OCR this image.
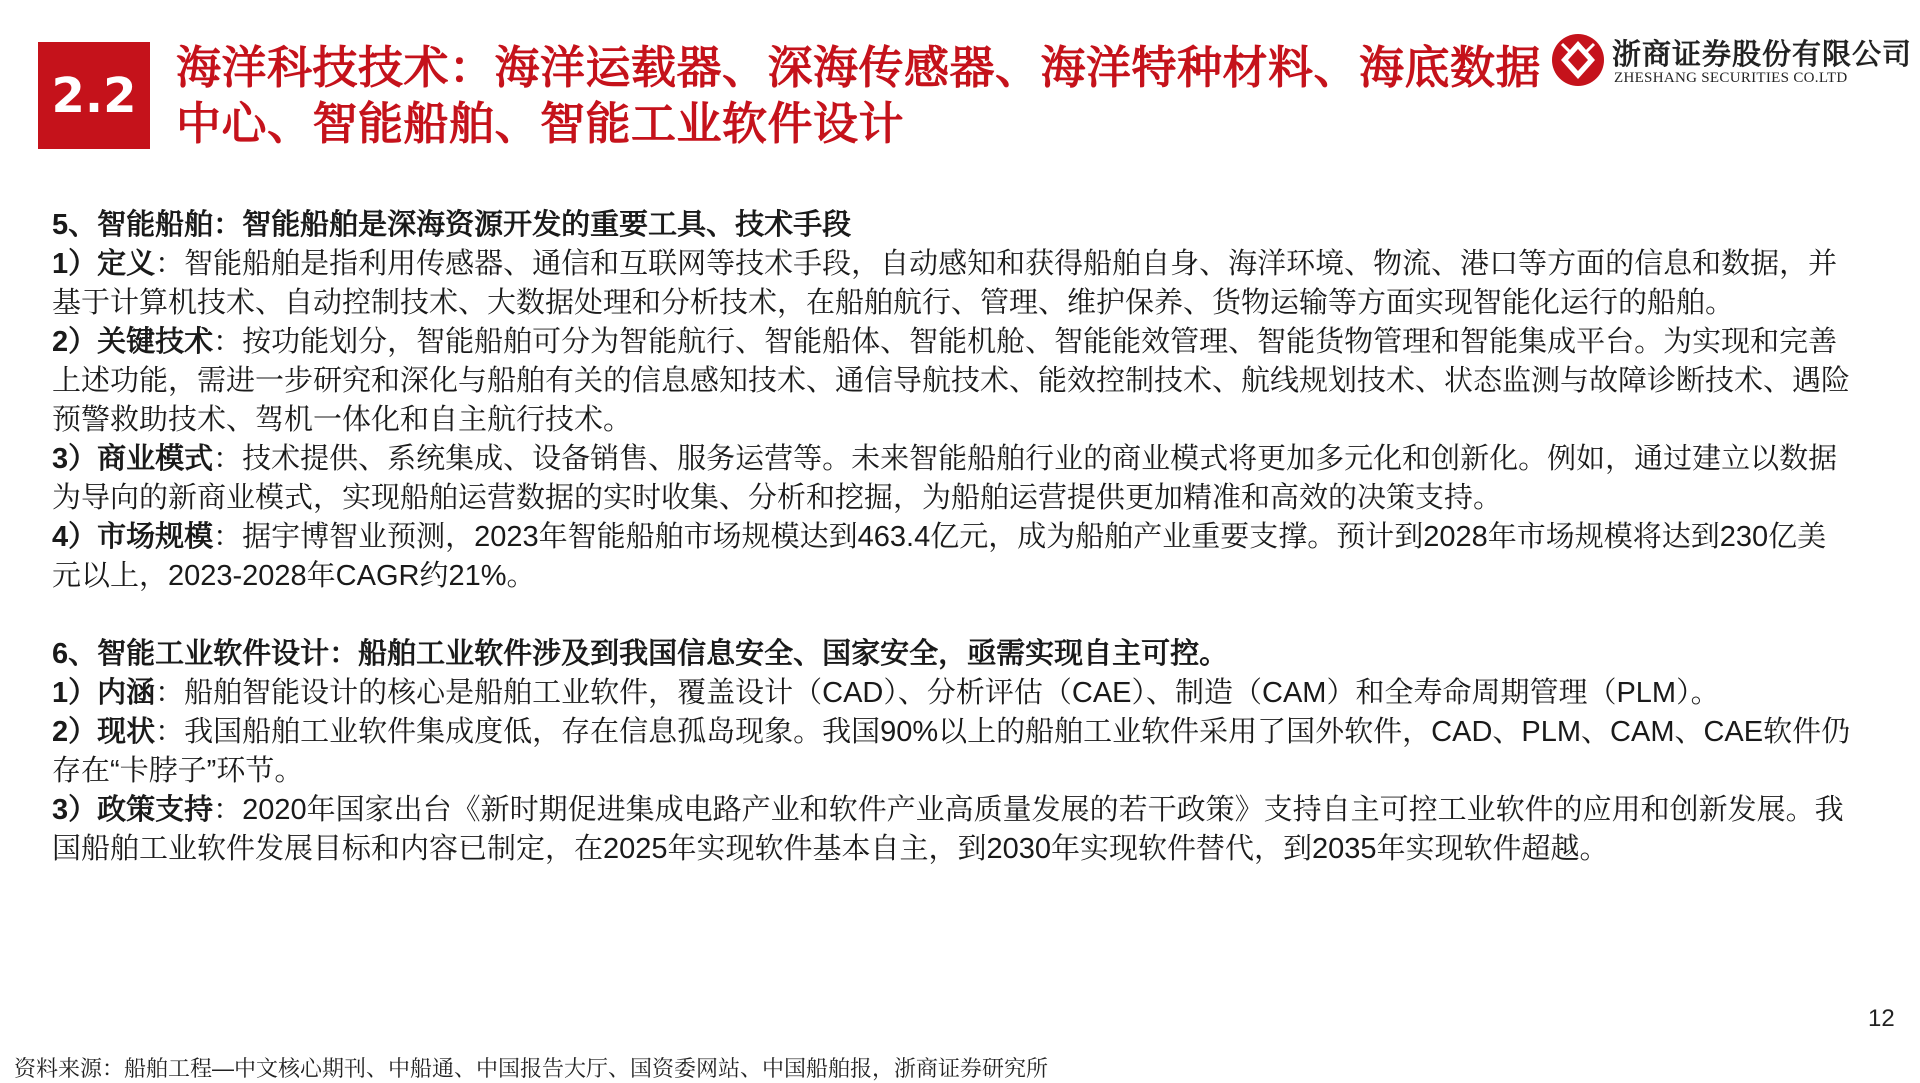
2.2 海洋科技技术：海洋运载器、深海传感器、海洋特种材料、海底数据中心、智能船舶、智能工业软件设计
浙商证券股份有限公司
ZHESHANG SECURITIES CO.LTD

5、智能船舶：智能船舶是深海资源开发的重要工具、技术手段

1）定义：智能船舶是指利用传感器、通信和互联网等技术手段，自动感知和获得船舶自身、海洋环境、物流、港口等方面的信息和数据，并基于计算机技术、自动控制技术、大数据处理和分析技术，在船舶航行、管理、维护保养、货物运输等方面实现智能化运行的船舶。

2）关键技术：按功能划分，智能船舶可分为智能航行、智能船体、智能机舱、智能能效管理、智能货物管理和智能集成平台。为实现和完善上述功能，需进一步研究和深化与船舶有关的信息感知技术、通信导航技术、能效控制技术、航线规划技术、状态监测与故障诊断技术、遇险预警救助技术、驾机一体化和自主航行技术。

3）商业模式：技术提供、系统集成、设备销售、服务运营等。未来智能船舶行业的商业模式将更加多元化和创新化。例如，通过建立以数据为导向的新商业模式，实现船舶运营数据的实时收集、分析和挖掘，为船舶运营提供更加精准和高效的决策支持。

4）市场规模：据宇博智业预测，2023年智能船舶市场规模达到463.4亿元，成为船舶产业重要支撑。预计到2028年市场规模将达到230亿美元以上，2023-2028年CAGR约21%。

6、智能工业软件设计：船舶工业软件涉及到我国信息安全、国家安全，亟需实现自主可控。

1）内涵：船舶智能设计的核心是船舶工业软件，覆盖设计（CAD）、分析评估（CAE）、制造（CAM）和全寿命周期管理（PLM）。

2）现状：我国船舶工业软件集成度低，存在信息孤岛现象。我国90%以上的船舶工业软件采用了国外软件，CAD、PLM、CAM、CAE软件仍存在“卡脖子”环节。

3）政策支持：2020年国家出台《新时期促进集成电路产业和软件产业高质量发展的若干政策》支持自主可控工业软件的应用和创新发展。我国船舶工业软件发展目标和内容已制定，在2025年实现软件基本自主，到2030年实现软件替代，到2035年实现软件超越。

12
资料来源：船舶工程—中文核心期刊、中船通、中国报告大厅、国资委网站、中国船舶报，浙商证券研究所
